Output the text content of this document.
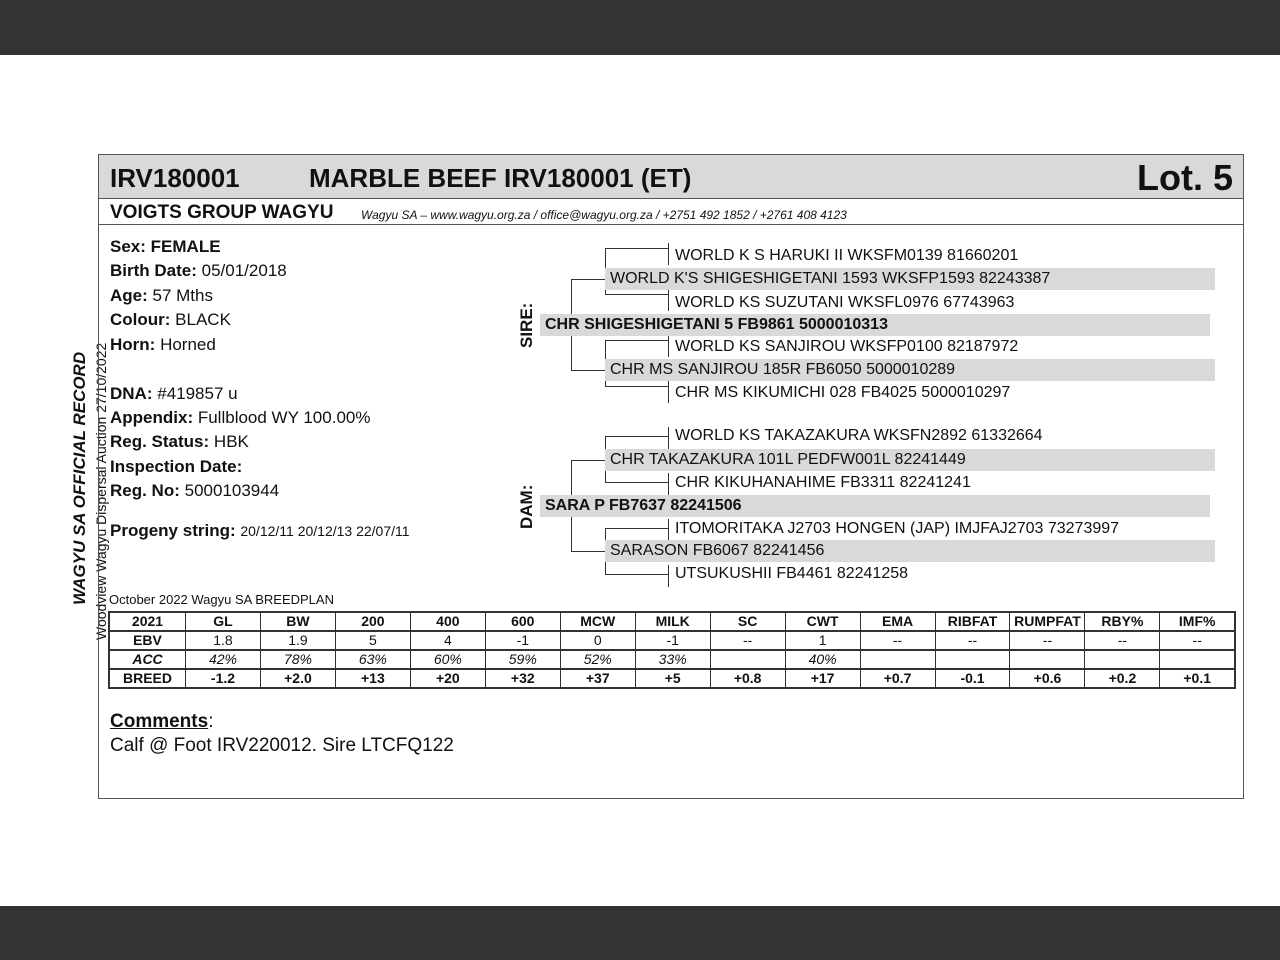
WAGYU SA OFFICIAL RECORD Woodview Wagyu Dispersal Auction 27/10/2022
IRV180001	MARBLE BEEF IRV180001 (ET)	Lot. 5
VOIGTS GROUP WAGYU Wagyu SA – www.wagyu.org.za / office@wagyu.org.za / +2751 492 1852 / +2761 408 4123
Sex: FEMALE
Birth Date: 05/01/2018
Age: 57 Mths
Colour: BLACK
Horn: Horned
DNA: #419857 u
Appendix: Fullblood WY 100.00%
Reg. Status: HBK
Inspection Date:
Reg. No: 5000103944
Progeny string: 20/12/11 20/12/13 22/07/11
SIRE:
DAM:
WORLD K S HARUKI II WKSFM0139 81660201
WORLD K'S SHIGESHIGETANI 1593 WKSFP1593 82243387
WORLD KS SUZUTANI WKSFL0976 67743963
CHR SHIGESHIGETANI 5 FB9861 5000010313
WORLD KS SANJIROU WKSFP0100 82187972
CHR MS SANJIROU 185R FB6050 5000010289
CHR MS KIKUMICHI 028 FB4025 5000010297
WORLD KS TAKAZAKURA WKSFN2892 61332664
CHR TAKAZAKURA 101L PEDFW001L 82241449
CHR KIKUHANAHIME FB3311 82241241
SARA P FB7637 82241506
ITOMORITAKA J2703 HONGEN (JAP) IMJFAJ2703 73273997
SARASON FB6067 82241456
UTSUKUSHII FB4461 82241258
October 2022 Wagyu SA BREEDPLAN
2021	GL	BW	200	400	600	MCW	MILK	SC	CWT	EMA	RIBFAT	RUMPFAT	RBY%	IMF%
EBV	1.8	1.9	5	4	-1	0	-1	--	1	--	--	--	--	--
ACC	42%	78%	63%	60%	59%	52%	33%		40%					
BREED	-1.2	+2.0	+13	+20	+32	+37	+5	+0.8	+17	+0.7	-0.1	+0.6	+0.2	+0.1
Comments:
Calf @ Foot IRV220012. Sire LTCFQ122
